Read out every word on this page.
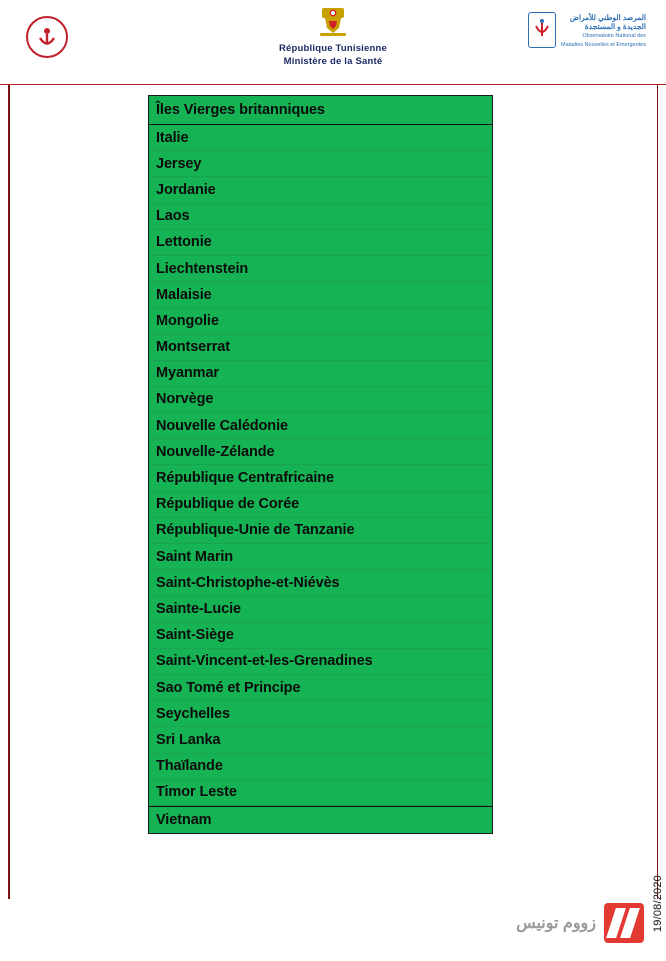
République Tunisienne
Ministère de la Santé
المرصد الوطني للأمراض
الجديدة و المستجدة
Observatoire National des
Maladies Nouvelles et Emergentes
Îles Vierges britanniques
Italie
Jersey
Jordanie
Laos
Lettonie
Liechtenstein
Malaisie
Mongolie
Montserrat
Myanmar
Norvège
Nouvelle Calédonie
Nouvelle-Zélande
République Centrafricaine
République de Corée
République-Unie de Tanzanie
Saint Marin
Saint-Christophe-et-Niévès
Sainte-Lucie
Saint-Siège
Saint-Vincent-et-les-Grenadines
Sao Tomé et Principe
Seychelles
Sri Lanka
Thaïlande
Timor Leste
Vietnam
19/08/2020
زووم تونيس
